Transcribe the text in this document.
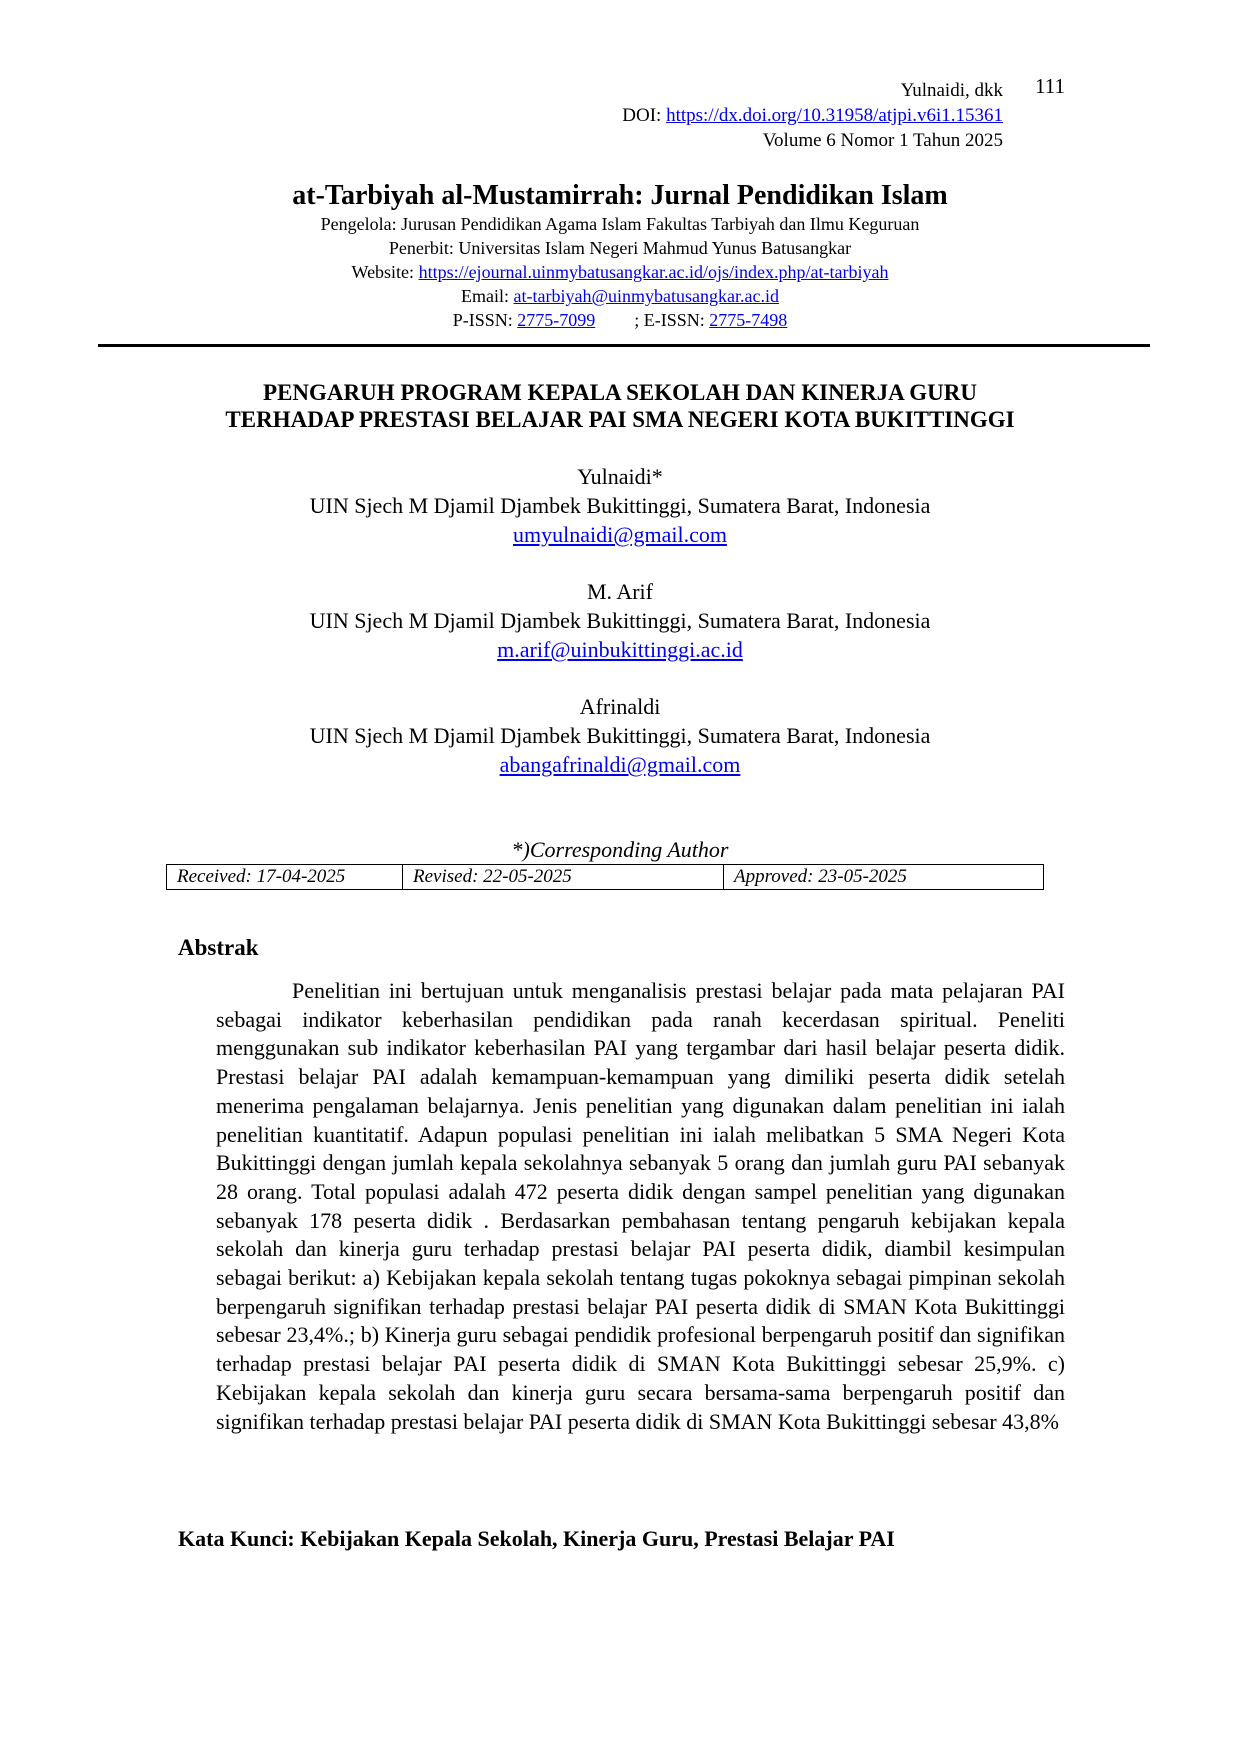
111
Yulnaidi, dkk
DOI: https://dx.doi.org/10.31958/atjpi.v6i1.15361
Volume 6 Nomor 1 Tahun 2025
at-Tarbiyah al-Mustamirrah: Jurnal Pendidikan Islam
Pengelola: Jurusan Pendidikan Agama Islam Fakultas Tarbiyah dan Ilmu Keguruan
Penerbit: Universitas Islam Negeri Mahmud Yunus Batusangkar
Website: https://ejournal.uinmybatusangkar.ac.id/ojs/index.php/at-tarbiyah
Email: at-tarbiyah@uinmybatusangkar.ac.id
P-ISSN: 2775-7099 ; E-ISSN: 2775-7498
PENGARUH PROGRAM KEPALA SEKOLAH DAN KINERJA GURU
TERHADAP PRESTASI BELAJAR PAI SMA NEGERI KOTA BUKITTINGGI
Yulnaidi*
UIN Sjech M Djamil Djambek Bukittinggi, Sumatera Barat, Indonesia
umyulnaidi@gmail.com
M. Arif
UIN Sjech M Djamil Djambek Bukittinggi, Sumatera Barat, Indonesia
m.arif@uinbukittinggi.ac.id
Afrinaldi
UIN Sjech M Djamil Djambek Bukittinggi, Sumatera Barat, Indonesia
abangafrinaldi@gmail.com
*)Corresponding Author
Received: 17-04-2025	Revised: 22-05-2025	Approved: 23-05-2025
Abstrak

Penelitian ini bertujuan untuk menganalisis prestasi belajar pada mata pelajaran PAI sebagai indikator keberhasilan pendidikan pada ranah kecerdasan spiritual. Peneliti menggunakan sub indikator keberhasilan PAI yang tergambar dari hasil belajar peserta didik. Prestasi belajar PAI adalah kemampuan-kemampuan yang dimiliki peserta didik setelah menerima pengalaman belajarnya. Jenis penelitian yang digunakan dalam penelitian ini ialah penelitian kuantitatif. Adapun populasi penelitian ini ialah melibatkan 5 SMA Negeri Kota Bukittinggi dengan jumlah kepala sekolahnya sebanyak 5 orang dan jumlah guru PAI sebanyak 28 orang. Total populasi adalah 472 peserta didik dengan sampel penelitian yang digunakan sebanyak 178 peserta didik . Berdasarkan pembahasan tentang pengaruh kebijakan kepala sekolah dan kinerja guru terhadap prestasi belajar PAI peserta didik, diambil kesimpulan sebagai berikut: a) Kebijakan kepala sekolah tentang tugas pokoknya sebagai pimpinan sekolah berpengaruh signifikan terhadap prestasi belajar PAI peserta didik di SMAN Kota Bukittinggi sebesar 23,4%.; b) Kinerja guru sebagai pendidik profesional berpengaruh positif dan signifikan terhadap prestasi belajar PAI peserta didik di SMAN Kota Bukittinggi sebesar 25,9%. c) Kebijakan kepala sekolah dan kinerja guru secara bersama-sama berpengaruh positif dan signifikan terhadap prestasi belajar PAI peserta didik di SMAN Kota Bukittinggi sebesar 43,8%

Kata Kunci: Kebijakan Kepala Sekolah, Kinerja Guru, Prestasi Belajar PAI
